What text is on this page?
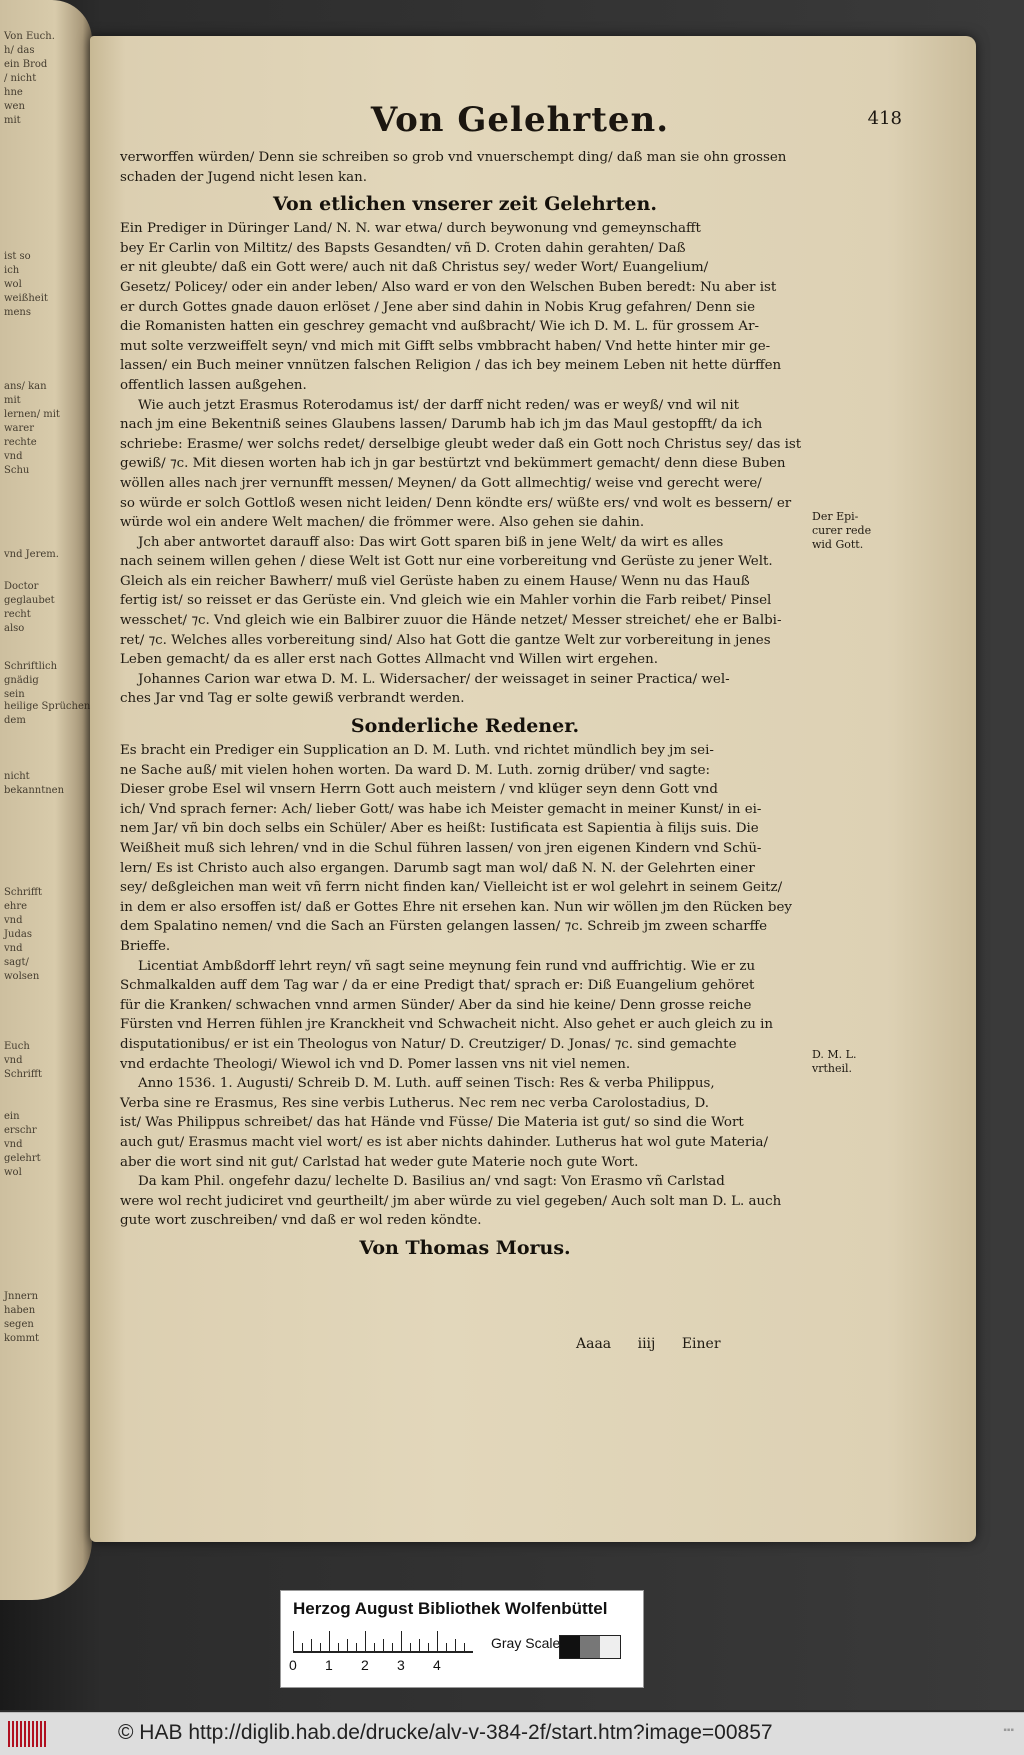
Von Euch.
h/ das
ein Brod
/ nicht
hne
wen
mit
ist so
ich
wol
weißheit
mens
ans/ kan
mit
lernen/ mit
warer
rechte
vnd
Schu
vnd Jerem.
Doctor
geglaubet
recht
also
Schriftlich
gnädig
sein
heilige Sprüchen
dem
nicht
bekanntnen
Schrifft
ehre
vnd
Judas
vnd
sagt/
wolsen
Euch
vnd
Schrifft
ein
erschr
vnd
gelehrt
wol
Jnnern
haben
segen
kommt
Von Gelehrten.	418

verworffen würden/ Denn sie schreiben so grob vnd vnuerschempt ding/ daß man sie ohn grossen
schaden der Jugend nicht lesen kan.

Von etlichen vnserer zeit Gelehrten.

Ein Prediger in Düringer Land/ N. N. war etwa/ durch beywonung vnd gemeynschafft
bey Er Carlin von Miltitz/ des Bapsts Gesandten/ vñ D. Croten dahin gerahten/ Daß
er nit gleubte/ daß ein Gott were/ auch nit daß Christus sey/ weder Wort/ Euangelium/
Gesetz/ Policey/ oder ein ander leben/ Also ward er von den Welschen Buben beredt: Nu aber ist
er durch Gottes gnade dauon erlöset / Jene aber sind dahin in Nobis Krug gefahren/ Denn sie
die Romanisten hatten ein geschrey gemacht vnd außbracht/ Wie ich D. M. L. für grossem Ar-
mut solte verzweiffelt seyn/ vnd mich mit Gifft selbs vmbbracht haben/ Vnd hette hinter mir ge-
lassen/ ein Buch meiner vnnützen falschen Religion / das ich bey meinem Leben nit hette dürffen
offentlich lassen außgehen.

Wie auch jetzt Erasmus Roterodamus ist/ der darff nicht reden/ was er weyß/ vnd wil nit
nach jm eine Bekentniß seines Glaubens lassen/ Darumb hab ich jm das Maul gestopfft/ da ich
schriebe: Erasme/ wer solchs redet/ derselbige gleubt weder daß ein Gott noch Christus sey/ das ist
gewiß/ ⁊c. Mit diesen worten hab ich jn gar bestürtzt vnd bekümmert gemacht/ denn diese Buben
wöllen alles nach jrer vernunfft messen/ Meynen/ da Gott allmechtig/ weise vnd gerecht were/
so würde er solch Gottloß wesen nicht leiden/ Denn köndte ers/ wüßte ers/ vnd wolt es bessern/ er
würde wol ein andere Welt machen/ die frömmer were. Also gehen sie dahin.

Jch aber antwortet darauff also: Das wirt Gott sparen biß in jene Welt/ da wirt es alles
nach seinem willen gehen / diese Welt ist Gott nur eine vorbereitung vnd Gerüste zu jener Welt.
Gleich als ein reicher Bawherr/ muß viel Gerüste haben zu einem Hause/ Wenn nu das Hauß
fertig ist/ so reisset er das Gerüste ein. Vnd gleich wie ein Mahler vorhin die Farb reibet/ Pinsel
wesschet/ ⁊c. Vnd gleich wie ein Balbirer zuuor die Hände netzet/ Messer streichet/ ehe er Balbi-
ret/ ⁊c. Welches alles vorbereitung sind/ Also hat Gott die gantze Welt zur vorbereitung in jenes
Leben gemacht/ da es aller erst nach Gottes Allmacht vnd Willen wirt ergehen.

Johannes Carion war etwa D. M. L. Widersacher/ der weissaget in seiner Practica/ wel-
ches Jar vnd Tag er solte gewiß verbrandt werden.

Sonderliche Redener.

Es bracht ein Prediger ein Supplication an D. M. Luth. vnd richtet mündlich bey jm sei-
ne Sache auß/ mit vielen hohen worten. Da ward D. M. Luth. zornig drüber/ vnd sagte:
Dieser grobe Esel wil vnsern Herrn Gott auch meistern / vnd klüger seyn denn Gott vnd
ich/ Vnd sprach ferner: Ach/ lieber Gott/ was habe ich Meister gemacht in meiner Kunst/ in ei-
nem Jar/ vñ bin doch selbs ein Schüler/ Aber es heißt: Iustificata est Sapientia à filijs suis. Die
Weißheit muß sich lehren/ vnd in die Schul führen lassen/ von jren eigenen Kindern vnd Schü-
lern/ Es ist Christo auch also ergangen. Darumb sagt man wol/ daß N. N. der Gelehrten einer
sey/ deßgleichen man weit vñ ferrn nicht finden kan/ Vielleicht ist er wol gelehrt in seinem Geitz/
in dem er also ersoffen ist/ daß er Gottes Ehre nit ersehen kan. Nun wir wöllen jm den Rücken bey
dem Spalatino nemen/ vnd die Sach an Fürsten gelangen lassen/ ⁊c. Schreib jm zween scharffe
Brieffe.

Licentiat Ambßdorff lehrt reyn/ vñ sagt seine meynung fein rund vnd auffrichtig. Wie er zu
Schmalkalden auff dem Tag war / da er eine Predigt that/ sprach er: Diß Euangelium gehöret
für die Kranken/ schwachen vnnd armen Sünder/ Aber da sind hie keine/ Denn grosse reiche
Fürsten vnd Herren fühlen jre Kranckheit vnd Schwacheit nicht. Also gehet er auch gleich zu in
disputationibus/ er ist ein Theologus von Natur/ D. Creutziger/ D. Jonas/ ⁊c. sind gemachte
vnd erdachte Theologi/ Wiewol ich vnd D. Pomer lassen vns nit viel nemen.

Anno 1536. 1. Augusti/ Schreib D. M. Luth. auff seinen Tisch: Res & verba Philippus,
Verba sine re Erasmus, Res sine verbis Lutherus. Nec rem nec verba Carolostadius, D.
ist/ Was Philippus schreibet/ das hat Hände vnd Füsse/ Die Materia ist gut/ so sind die Wort
auch gut/ Erasmus macht viel wort/ es ist aber nichts dahinder. Lutherus hat wol gute Materia/
aber die wort sind nit gut/ Carlstad hat weder gute Materie noch gute Wort.

Da kam Phil. ongefehr dazu/ lechelte D. Basilius an/ vnd sagt: Von Erasmo vñ Carlstad
were wol recht judiciret vnd geurtheilt/ jm aber würde zu viel gegeben/ Auch solt man D. L. auch
gute wort zuschreiben/ vnd daß er wol reden köndte.

Von Thomas Morus.
Der Epi-
curer rede
wid Gott.
D. M. L.
vrtheil.
Aaaa iiij Einer
Herzog August Bibliothek Wolfenbüttel
0 1 2 3 4
Gray Scale
© HAB http://diglib.hab.de/drucke/alv-v-384-2f/start.htm?image=00857	▪▪▪
